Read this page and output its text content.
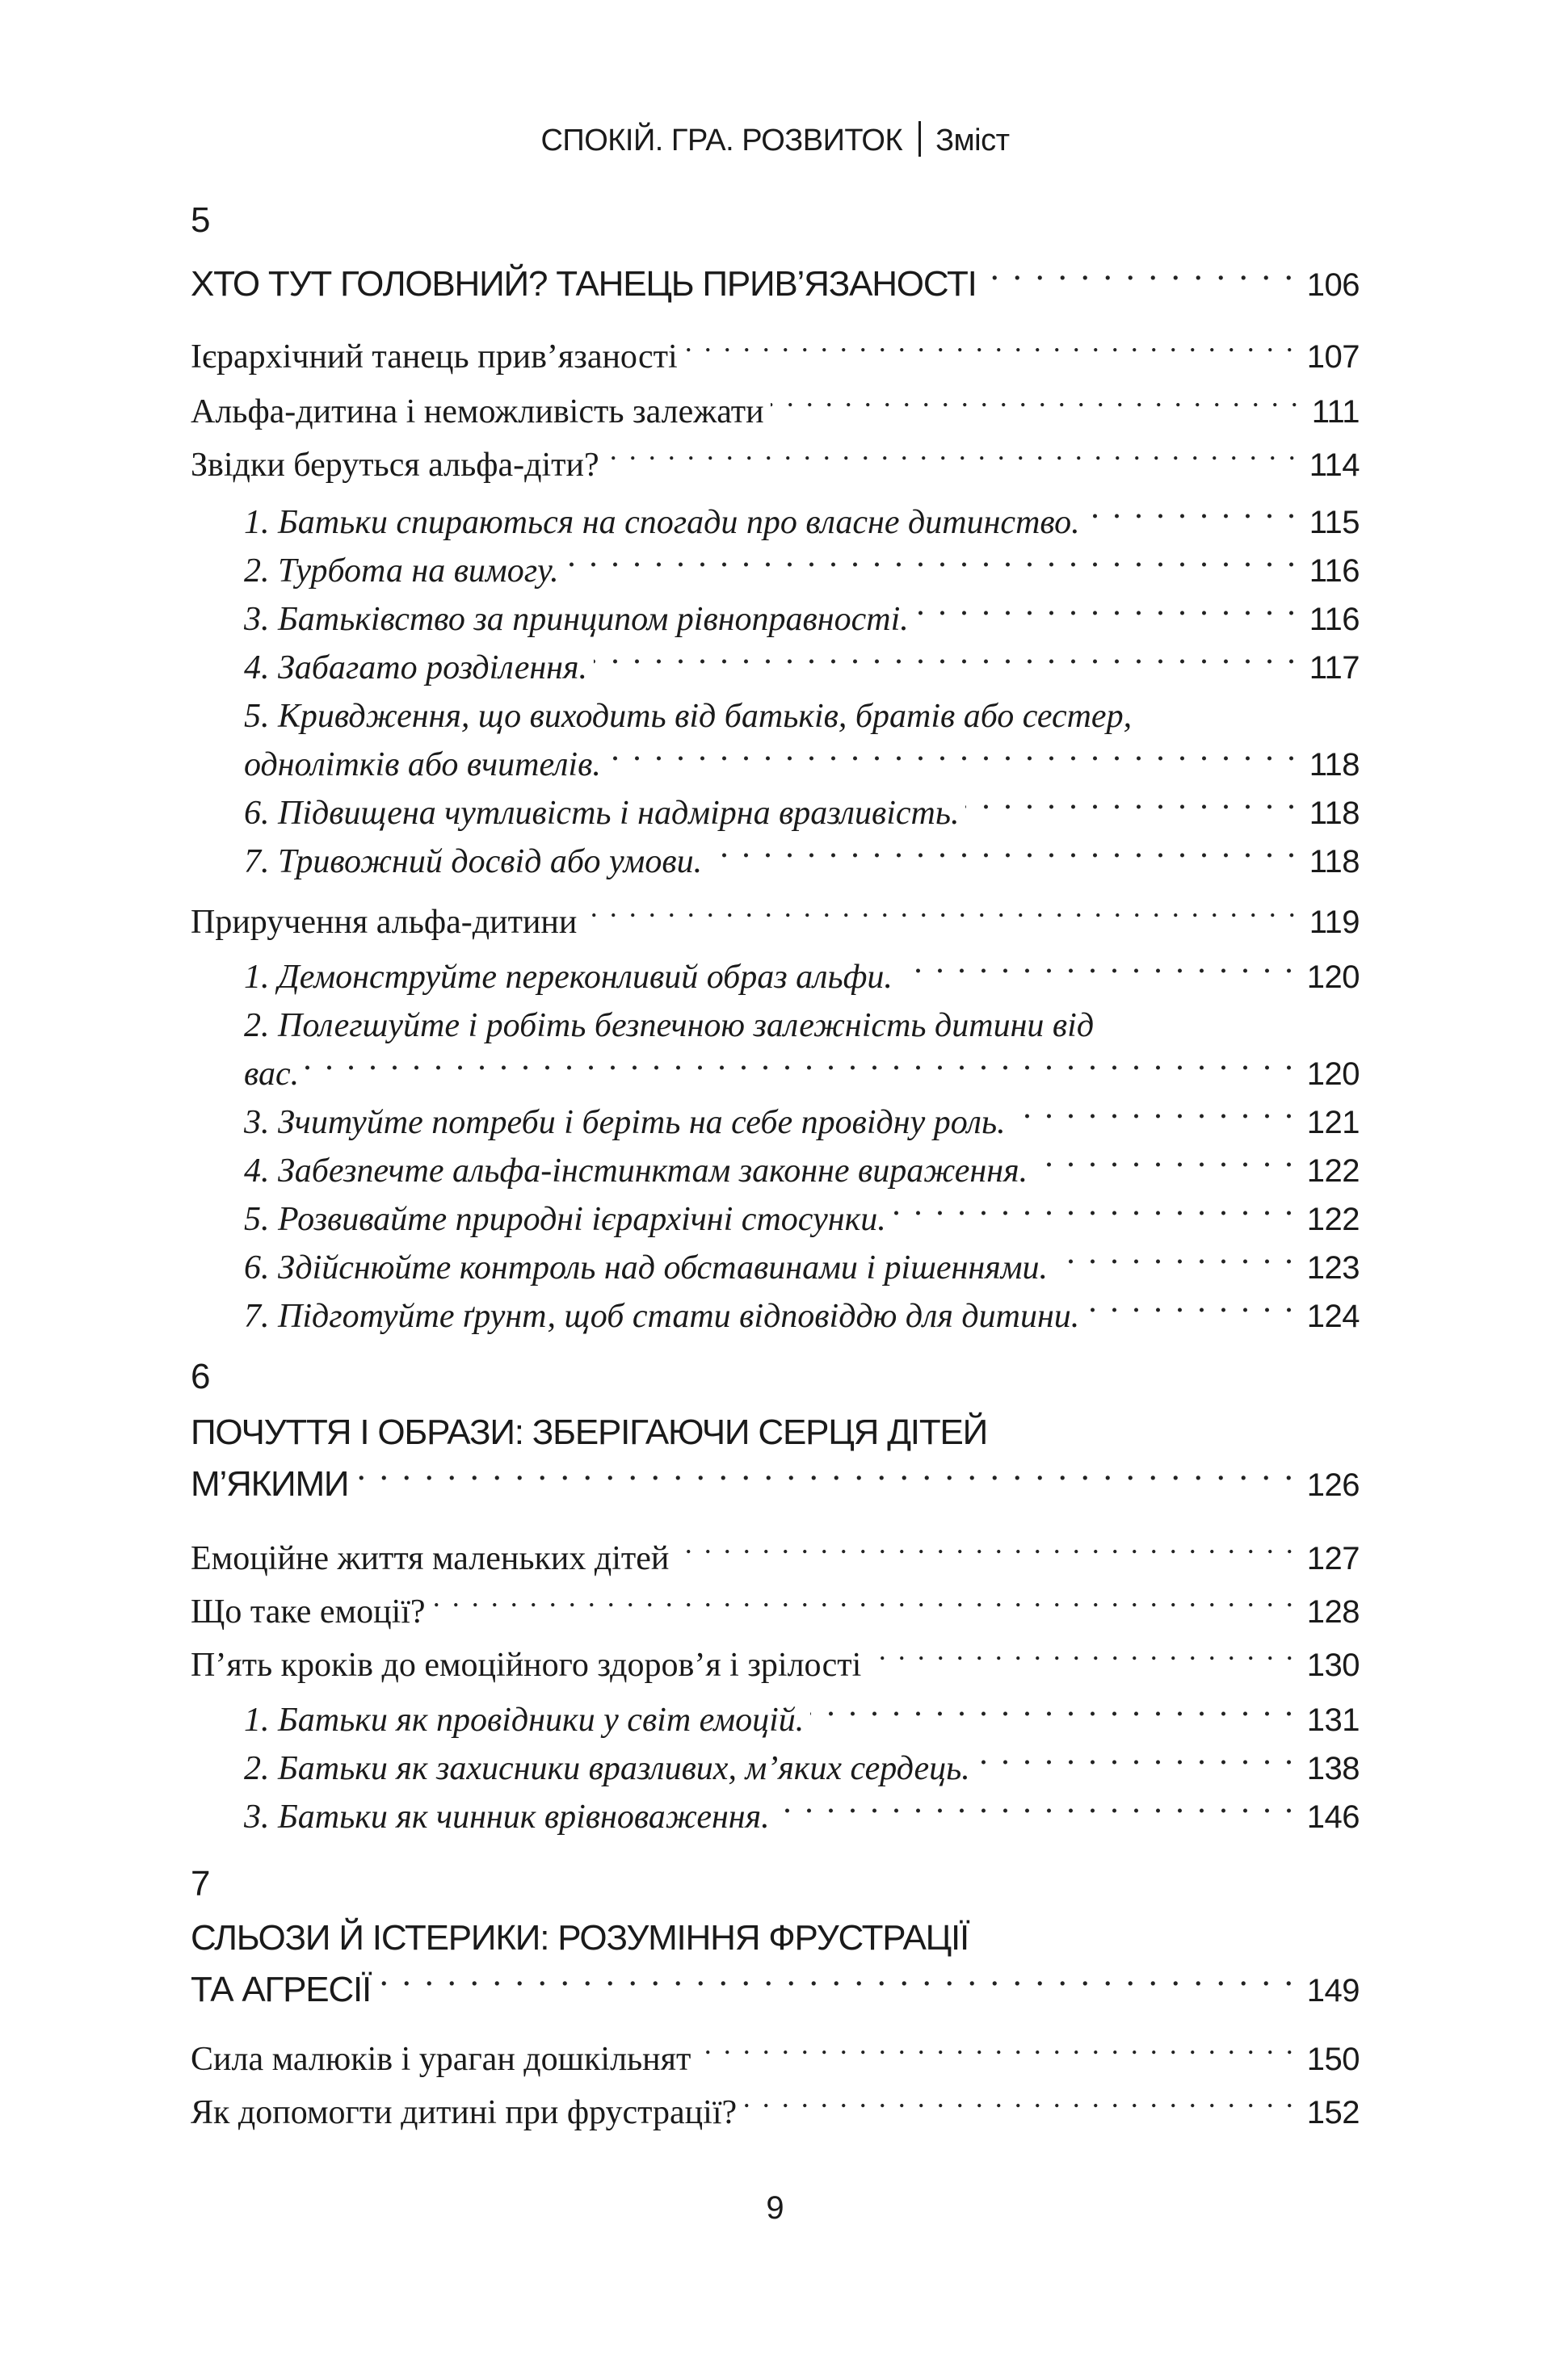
СПОКІЙ. ГРА. РОЗВИТОК Зміст
5
ХТО ТУТ ГОЛОВНИЙ? ТАНЕЦЬ ПРИВ’ЯЗАНОСТІ . . .	106
Ієрархічний танець прив’язаності . . .	107
Альфа-дитина і неможливість залежати . . .	111
Звідки беруться альфа-діти? . . .	114
1. Батьки спираються на спогади про власне дитинство. . . .	115
2. Турбота на вимогу. . . .	116
3. Батьківство за принципом рівноправності. . . .	116
4. Забагато розділення. . . .	117
5. Кривдження, що виходить від батьків, братів або сестер,
однолітків або вчителів. . . .	118
6. Підвищена чутливість і надмірна вразливість. . . .	118
7. Тривожний досвід або умови. . . .	118
Приручення альфа-дитини . . .	119
1. Демонструйте переконливий образ альфи. . . .	120
2. Полегшуйте і робіть безпечною залежність дитини від
вас. . . .	120
3. Зчитуйте потреби і беріть на себе провідну роль. . . .	121
4. Забезпечте альфа-інстинктам законне вираження. . . .	122
5. Розвивайте природні ієрархічні стосунки. . . .	122
6. Здійснюйте контроль над обставинами і рішеннями. . . .	123
7. Підготуйте ґрунт, щоб стати відповіддю для дитини. . . .	124
6
ПОЧУТТЯ І ОБРАЗИ: ЗБЕРІГАЮЧИ СЕРЦЯ ДІТЕЙ
М’ЯКИМИ . . .	126
Емоційне життя маленьких дітей . . .	127
Що таке емоції? . . .	128
П’ять кроків до емоційного здоров’я і зрілості . . .	130
1. Батьки як провідники у світ емоцій. . . .	131
2. Батьки як захисники вразливих, м’яких сердець. . . .	138
3. Батьки як чинник врівноваження. . . .	146
7
СЛЬОЗИ Й ІСТЕРИКИ: РОЗУМІННЯ ФРУСТРАЦІЇ
ТА АГРЕСІЇ . . .	149
Сила малюків і ураган дошкільнят . . .	150
Як допомогти дитині при фрустрації? . . .	152
9
